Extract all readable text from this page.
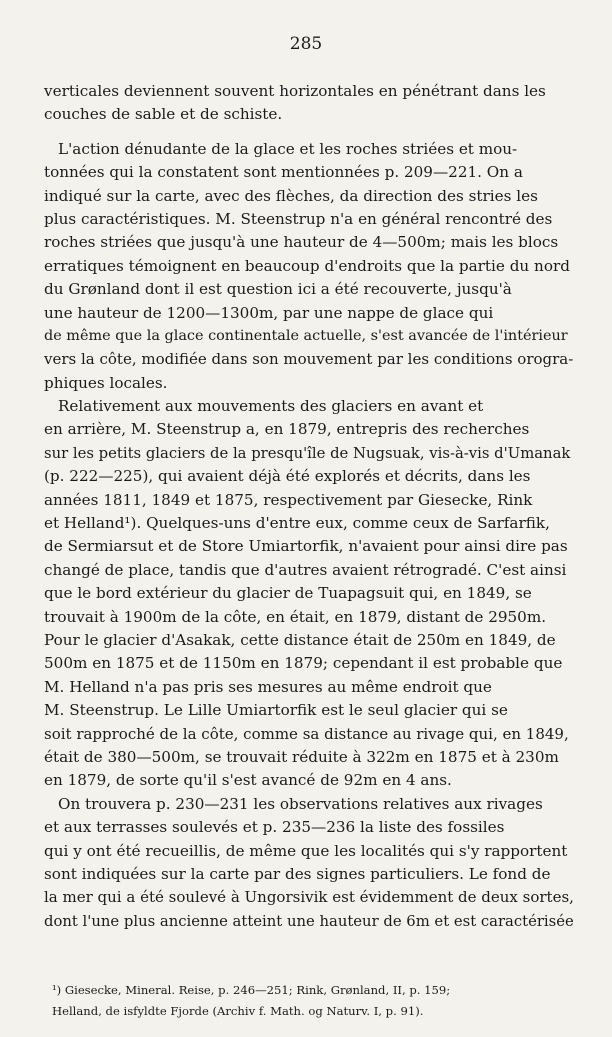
285
verticales deviennent souvent horizontales en pénétrant dans les
couches de sable et de schiste.
L'action dénudante de la glace et les roches striées et mou-
tonnées qui la constatent sont mentionnées p. 209—221. On a
indiqué sur la carte, avec des flèches, da direction des stries les
plus caractéristiques. M. Steenstrup n'a en général rencontré des
roches striées que jusqu'à une hauteur de 4—500m; mais les blocs
erratiques témoignent en beaucoup d'endroits que la partie du nord
du Grønland dont il est question ici a été recouverte, jusqu'à
une hauteur de 1200—1300m, par une nappe de glace qui
de même que la glace continentale actuelle, s'est avancée de l'intérieur
vers la côte, modifiée dans son mouvement par les conditions orogra-
phiques locales.
Relativement aux mouvements des glaciers en avant et
en arrière, M. Steenstrup a, en 1879, entrepris des recherches
sur les petits glaciers de la presqu'île de Nugsuak, vis-à-vis d'Umanak
(p. 222—225), qui avaient déjà été explorés et décrits, dans les
années 1811, 1849 et 1875, respectivement par Giesecke, Rink
et Helland¹). Quelques-uns d'entre eux, comme ceux de Sarfarfik,
de Sermiarsut et de Store Umiartorfik, n'avaient pour ainsi dire pas
changé de place, tandis que d'autres avaient rétrogradé. C'est ainsi
que le bord extérieur du glacier de Tuapagsuit qui, en 1849, se
trouvait à 1900m de la côte, en était, en 1879, distant de 2950m.
Pour le glacier d'Asakak, cette distance était de 250m en 1849, de
500m en 1875 et de 1150m en 1879; cependant il est probable que
M. Helland n'a pas pris ses mesures au même endroit que
M. Steenstrup. Le Lille Umiartorfik est le seul glacier qui se
soit rapproché de la côte, comme sa distance au rivage qui, en 1849,
était de 380—500m, se trouvait réduite à 322m en 1875 et à 230m
en 1879, de sorte qu'il s'est avancé de 92m en 4 ans.
On trouvera p. 230—231 les observations relatives aux rivages
et aux terrasses soulevés et p. 235—236 la liste des fossiles
qui y ont été recueillis, de même que les localités qui s'y rapportent
sont indiquées sur la carte par des signes particuliers. Le fond de
la mer qui a été soulevé à Ungorsivik est évidemment de deux sortes,
dont l'une plus ancienne atteint une hauteur de 6m et est caractérisée
¹) Giesecke, Mineral. Reise, p. 246—251; Rink, Grønland, II, p. 159;
Helland, de isfyldte Fjorde (Archiv f. Math. og Naturv. I, p. 91).
